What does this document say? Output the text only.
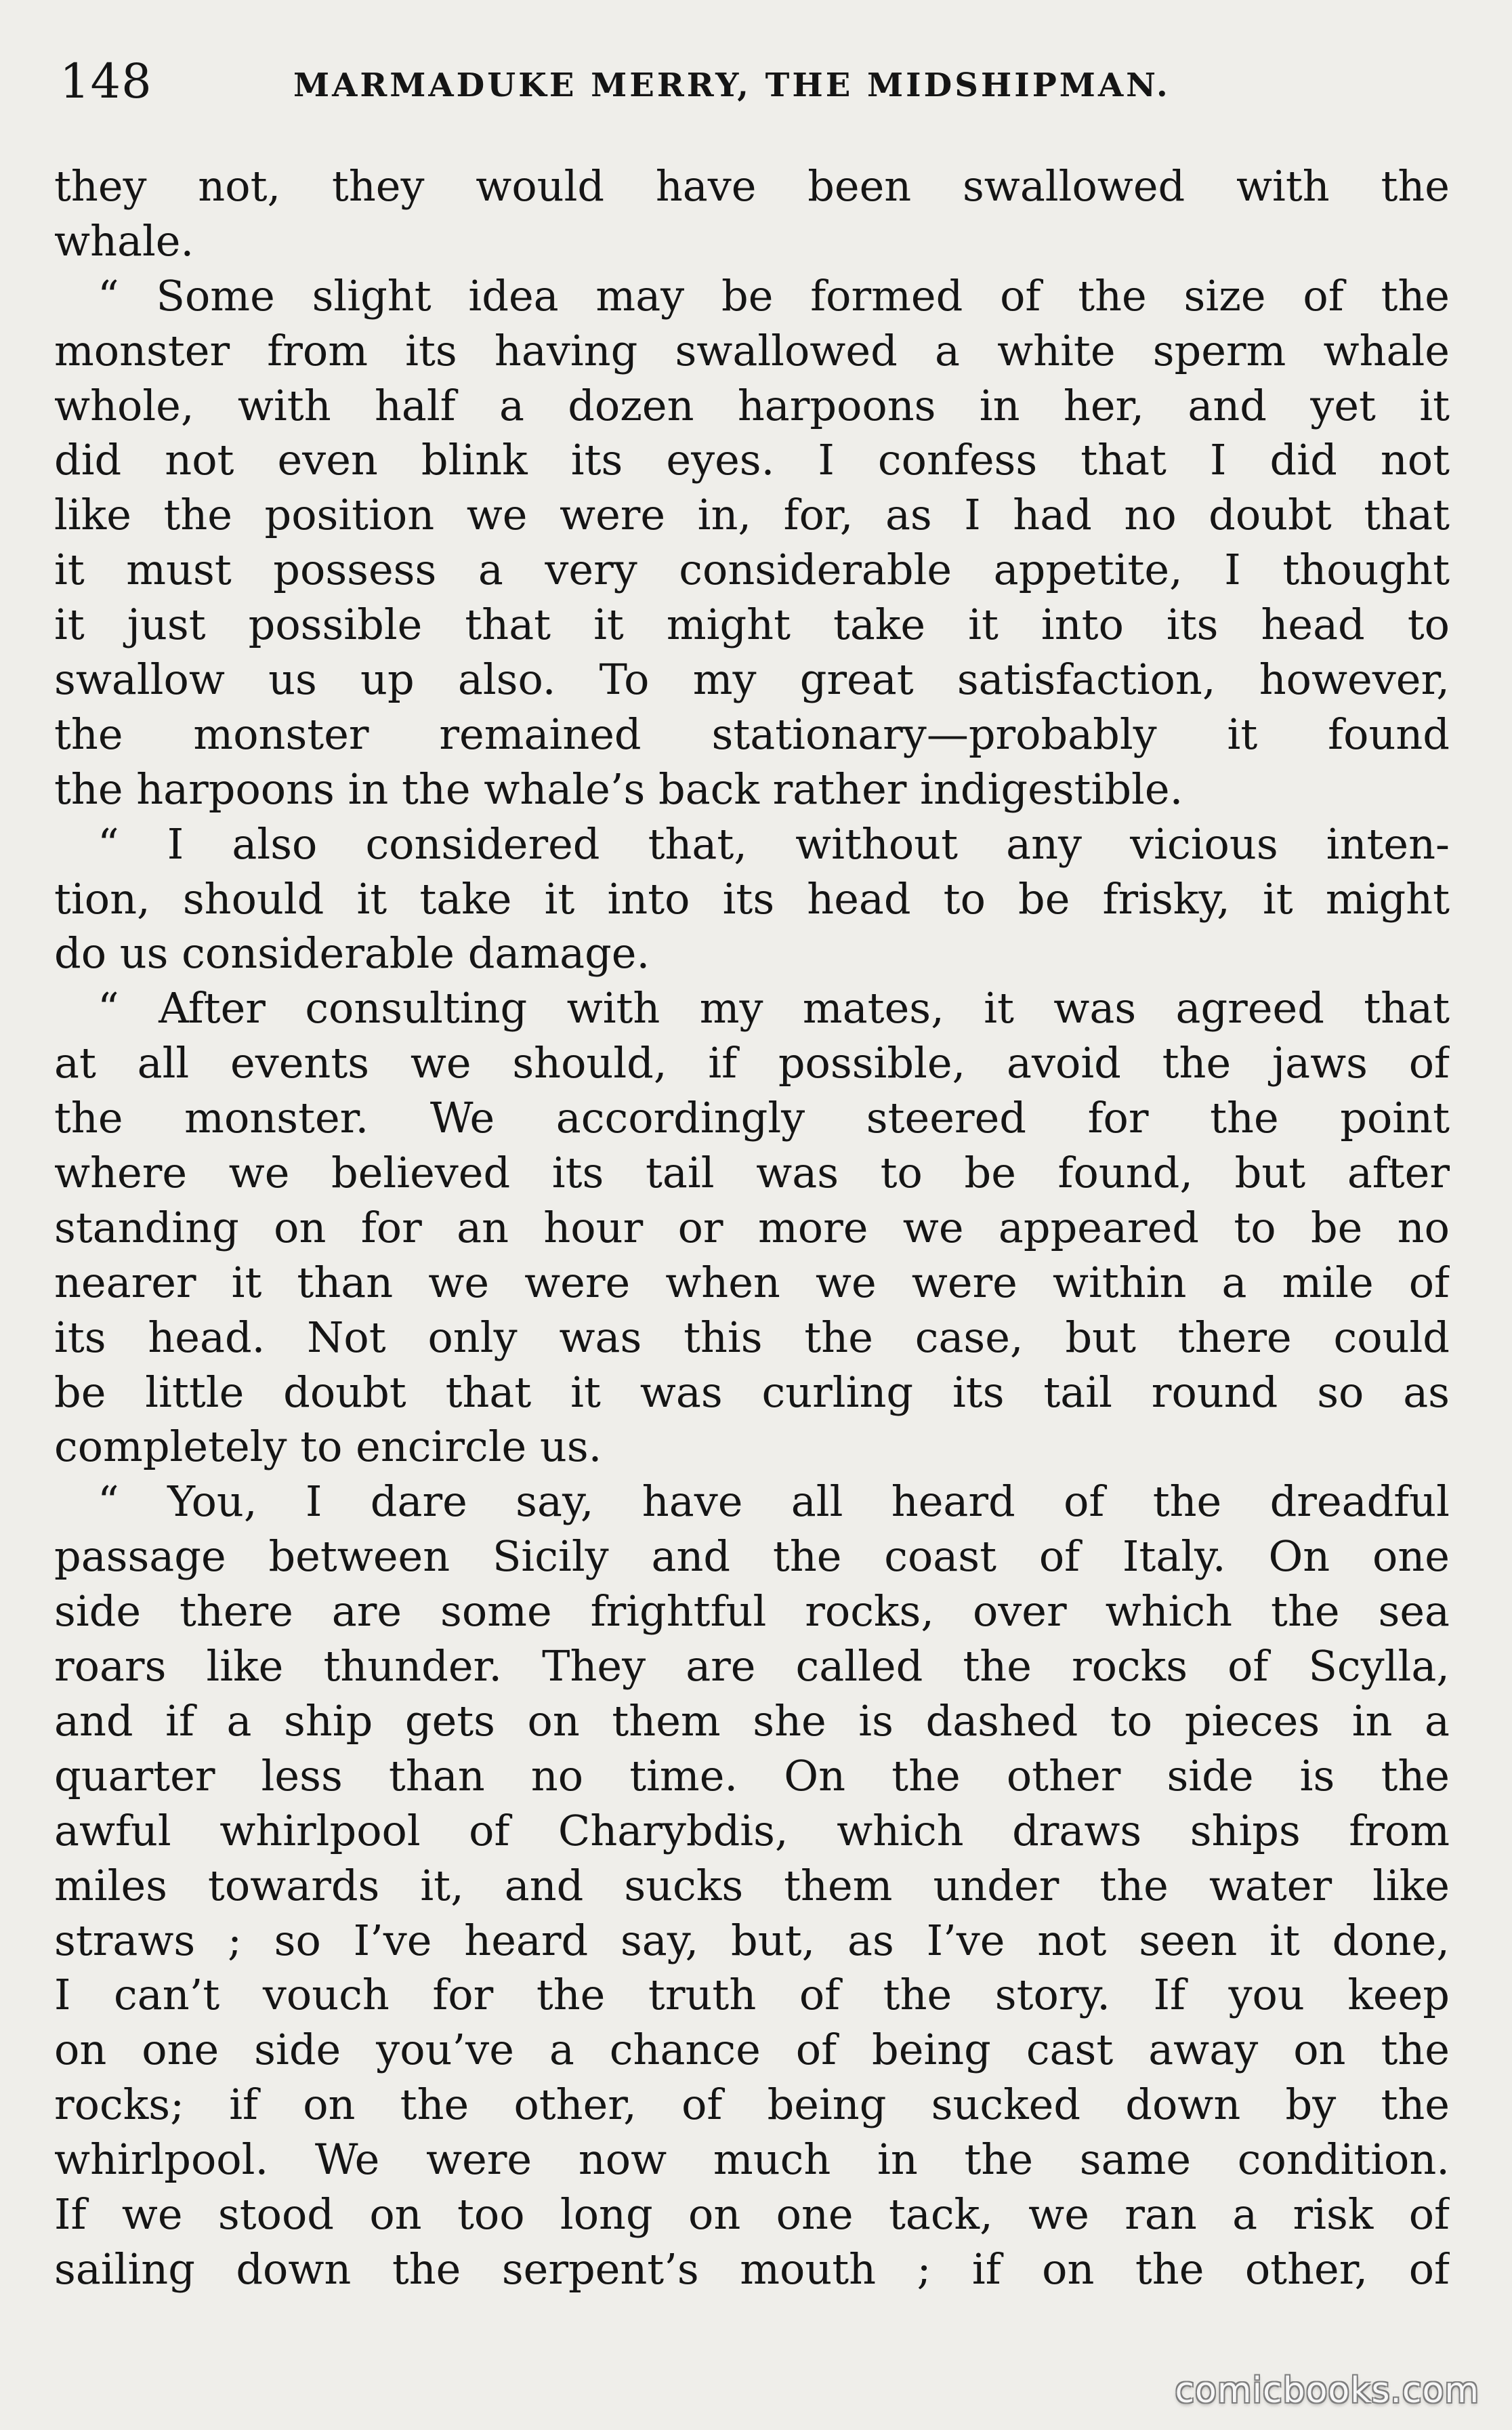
148	MARMADUKE MERRY, THE MIDSHIPMAN.
they not, they would have been swallowed with the
whale.
“ Some slight idea may be formed of the size of the
monster from its having swallowed a white sperm whale
whole, with half a dozen harpoons in her, and yet it
did not even blink its eyes. I confess that I did not
like the position we were in, for, as I had no doubt that
it must possess a very considerable appetite, I thought
it just possible that it might take it into its head to
swallow us up also. To my great satisfaction, however,
the monster remained stationary—probably it found
the harpoons in the whale’s back rather indigestible.
“ I also considered that, without any vicious inten-
tion, should it take it into its head to be frisky, it might
do us considerable damage.
“ After consulting with my mates, it was agreed that
at all events we should, if possible, avoid the jaws of
the monster. We accordingly steered for the point
where we believed its tail was to be found, but after
standing on for an hour or more we appeared to be no
nearer it than we were when we were within a mile of
its head. Not only was this the case, but there could
be little doubt that it was curling its tail round so as
completely to encircle us.
“ You, I dare say, have all heard of the dreadful
passage between Sicily and the coast of Italy. On one
side there are some frightful rocks, over which the sea
roars like thunder. They are called the rocks of Scylla,
and if a ship gets on them she is dashed to pieces in a
quarter less than no time. On the other side is the
awful whirlpool of Charybdis, which draws ships from
miles towards it, and sucks them under the water like
straws ; so I’ve heard say, but, as I’ve not seen it done,
I can’t vouch for the truth of the story. If you keep
on one side you’ve a chance of being cast away on the
rocks; if on the other, of being sucked down by the
whirlpool. We were now much in the same condition.
If we stood on too long on one tack, we ran a risk of
sailing down the serpent’s mouth ; if on the other, of
comicbooks.com
